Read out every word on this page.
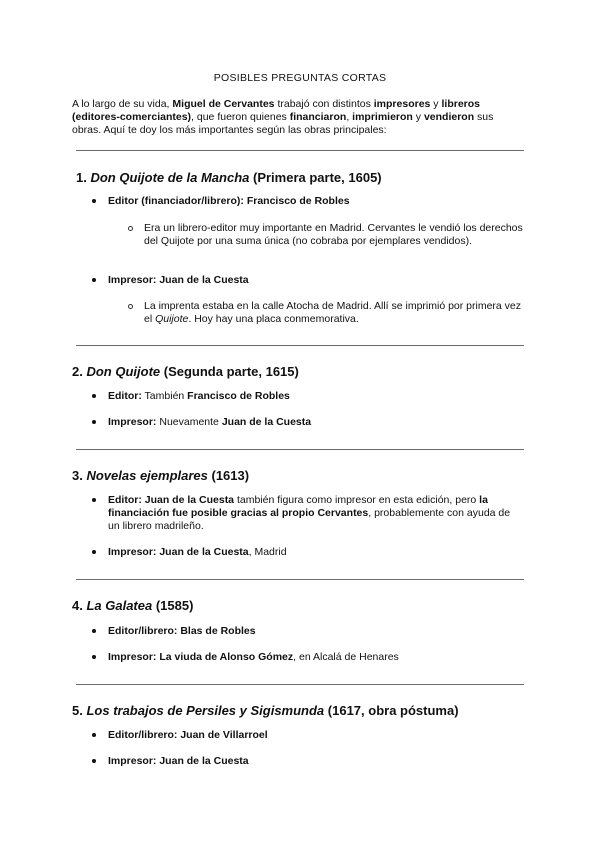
POSIBLES PREGUNTAS CORTAS
A lo largo de su vida, Miguel de Cervantes trabajó con distintos impresores y libreros (editores-comerciantes), que fueron quienes financiaron, imprimieron y vendieron sus obras. Aquí te doy los más importantes según las obras principales:
1. Don Quijote de la Mancha (Primera parte, 1605)
Editor (financiador/librero): Francisco de Robles
Era un librero-editor muy importante en Madrid. Cervantes le vendió los derechos del Quijote por una suma única (no cobraba por ejemplares vendidos).
Impresor: Juan de la Cuesta
La imprenta estaba en la calle Atocha de Madrid. Allí se imprimió por primera vez el Quijote. Hoy hay una placa conmemorativa.
2. Don Quijote (Segunda parte, 1615)
Editor: También Francisco de Robles
Impresor: Nuevamente Juan de la Cuesta
3. Novelas ejemplares (1613)
Editor: Juan de la Cuesta también figura como impresor en esta edición, pero la financiación fue posible gracias al propio Cervantes, probablemente con ayuda de un librero madrileño.
Impresor: Juan de la Cuesta, Madrid
4. La Galatea (1585)
Editor/librero: Blas de Robles
Impresor: La viuda de Alonso Gómez, en Alcalá de Henares
5. Los trabajos de Persiles y Sigismunda (1617, obra póstuma)
Editor/librero: Juan de Villarroel
Impresor: Juan de la Cuesta
